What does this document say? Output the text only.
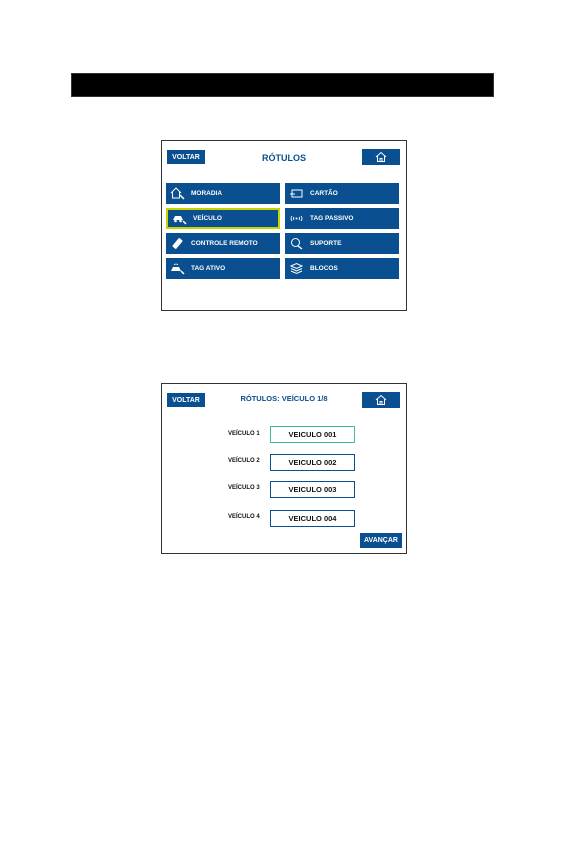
VOLTAR	RÓTULOS
MORADIA	CARTÃO
VEÍCULO	TAG PASSIVO
CONTROLE REMOTO	SUPORTE
TAG ATIVO	BLOCOS
VOLTAR	RÓTULOS: VEÍCULO 1/8
VEÍCULO 1	VEICULO 001
VEÍCULO 2	VEICULO 002
VEÍCULO 3	VEICULO 003
VEÍCULO 4	VEICULO 004
AVANÇAR
